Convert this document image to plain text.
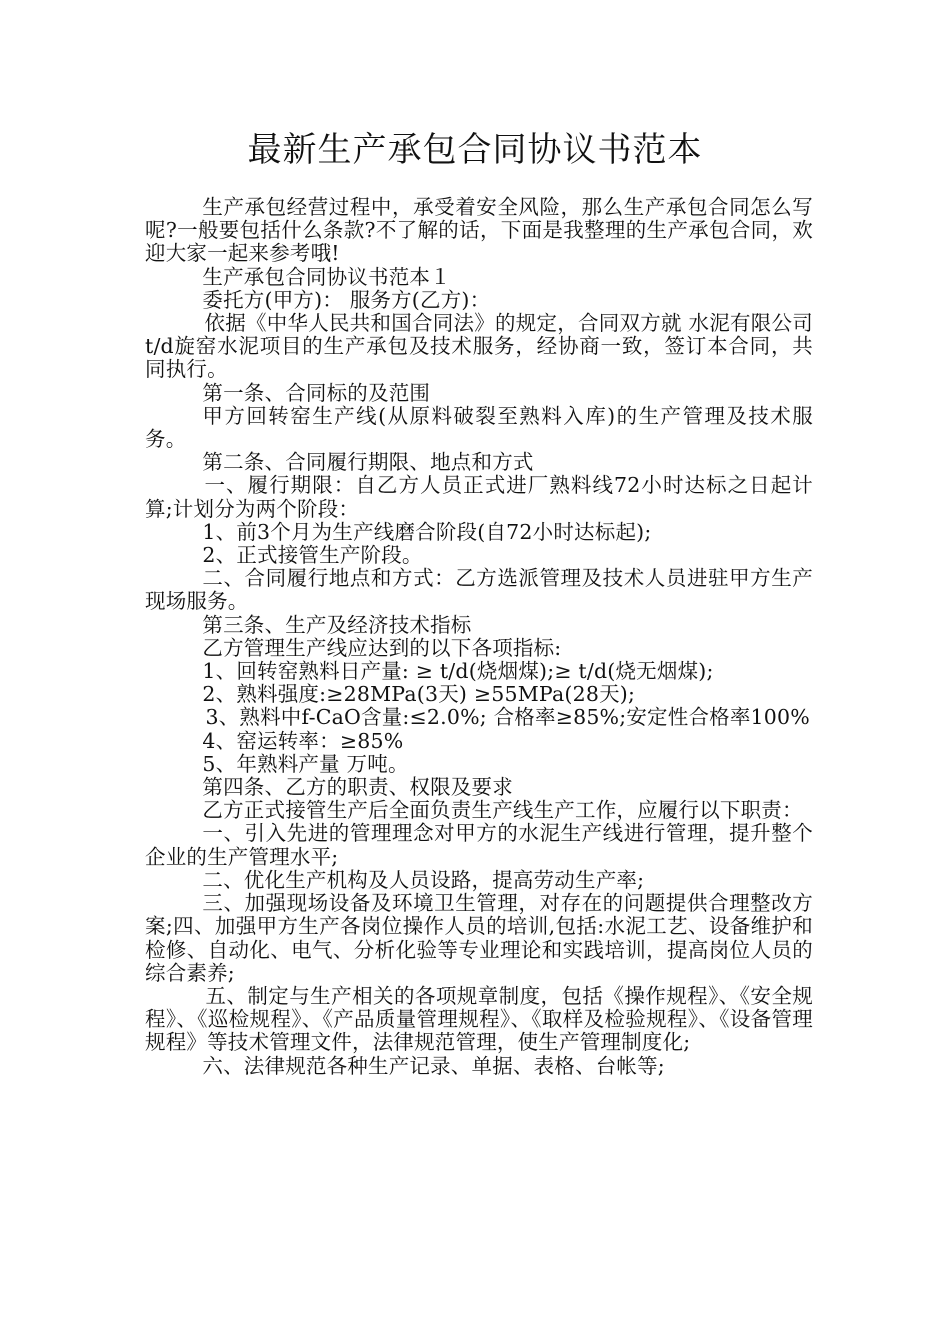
最新生产承包合同协议书范本

生产承包经营过程中，承受着安全风险，那么生产承包合同怎么写呢?一般要包括什么条款?不了解的话，下面是我整理的生产承包合同，欢迎大家一起来参考哦!

生产承包合同协议书范本１

委托方(甲方)： 服务方(乙方)：

依据《中华人民共和国合同法》的规定，合同双方就 水泥有限公司 t/d旋窑水泥项目的生产承包及技术服务，经协商一致，签订本合同，共同执行。

第一条、合同标的及范围

甲方回转窑生产线(从原料破裂至熟料入库)的生产管理及技术服务。

第二条、合同履行期限、地点和方式

一、履行期限：自乙方人员正式进厂熟料线72小时达标之日起计算;计划分为两个阶段：

1、前3个月为生产线磨合阶段(自72小时达标起);

2、正式接管生产阶段。

二、合同履行地点和方式：乙方选派管理及技术人员进驻甲方生产现场服务。

第三条、生产及经济技术指标

乙方管理生产线应达到的以下各项指标:

1、回转窑熟料日产量: ≥ t/d(烧烟煤);≥ t/d(烧无烟煤);

2、熟料强度:≥28MPa(3天) ≥55MPa(28天);

3、熟料中f-CaO含量:≤2.0%; 合格率≥85%;安定性合格率100%

4、窑运转率：≥85%

5、年熟料产量 万吨。

第四条、乙方的职责、权限及要求

乙方正式接管生产后全面负责生产线生产工作，应履行以下职责：

一、引入先进的管理理念对甲方的水泥生产线进行管理，提升整个企业的生产管理水平;

二、优化生产机构及人员设路，提高劳动生产率;

三、加强现场设备及环境卫生管理，对存在的问题提供合理整改方案;四、加强甲方生产各岗位操作人员的培训,包括:水泥工艺、设备维护和检修、自动化、电气、分析化验等专业理论和实践培训，提高岗位人员的综合素养;

五、制定与生产相关的各项规章制度，包括《操作规程》、《安全规程》、《巡检规程》、《产品质量管理规程》、《取样及检验规程》、《设备管理规程》等技术管理文件，法律规范管理，使生产管理制度化;

六、法律规范各种生产记录、单据、表格、台帐等;
